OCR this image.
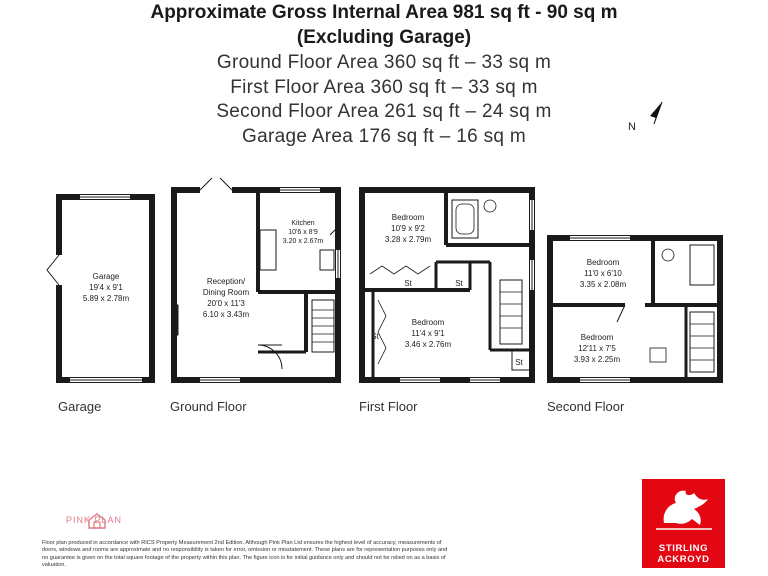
Approximate Gross Internal Area 981 sq ft - 90 sq m
(Excluding Garage)
Ground Floor Area 360 sq ft – 33 sq m
First Floor Area 360 sq ft – 33 sq m
Second Floor Area 261 sq ft – 24 sq m
Garage Area 176 sq ft – 16 sq m	N
Garage
19'4 x 9'1
5.89 x 2.78m
Kitchen
10'6 x 8'9
3.20 x 2.67m
Reception/
Dining Room
20'0 x 11'3
6.10 x 3.43m
Bedroom
10'9 x 9'2
3.28 x 2.79m
Bedroom
11'4 x 9'1
3.46 x 2.76m
St	St
St
St
Bedroom
11'0 x 6'10
3.35 x 2.08m
Bedroom
12'11 x 7'5
3.93 x 2.25m
Garage	Ground Floor	First Floor	Second Floor
PINK PLAN
Floor plan produced in accordance with RICS Property Measurement 2nd Edition. Although Pink Plan Ltd ensures the highest level of accuracy, measurements of doors, windows and rooms are approximate and no responsibility is taken for error, omission or misstatement. These plans are for representation purposes only and no guarantee is given on the total square footage of the property within this plan. The figure icon is for initial guidance only and should not be relied on as a basis of valuation.
STIRLING
ACKROYD
